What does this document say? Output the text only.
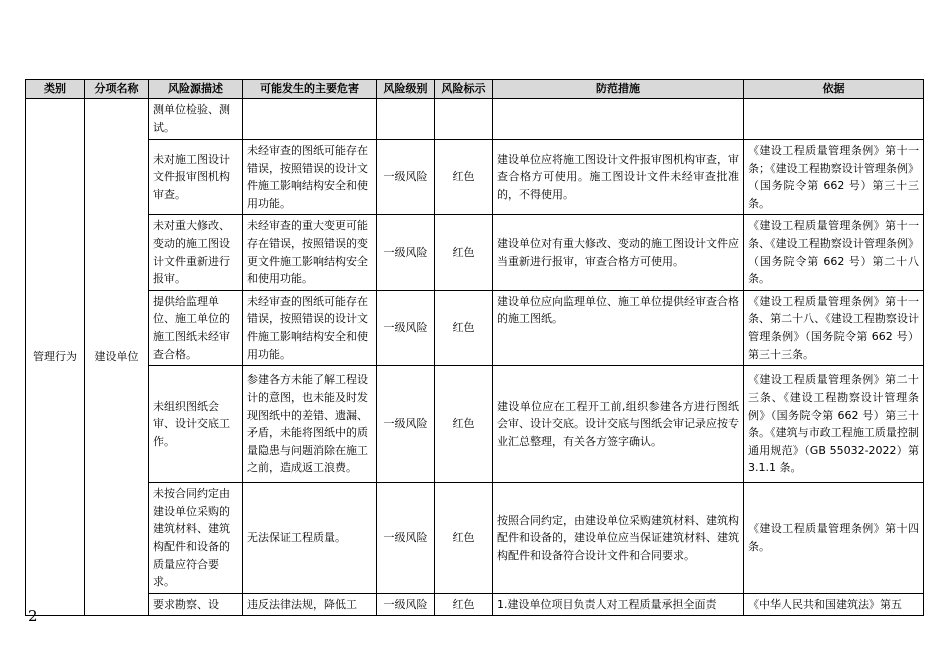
类别	分项名称	风险源描述	可能发生的主要危害	风险级别	风险标示	防范措施	依据
管理行为	建设单位	测单位检验、测试。					
		未对施工图设计文件报审图机构审查。	未经审查的图纸可能存在错误，按照错误的设计文件施工影响结构安全和使用功能。	一级风险	红色	建设单位应将施工图设计文件报审图机构审查，审查合格方可使用。施工图设计文件未经审查批准的，不得使用。	《建设工程质量管理条例》第十一条；《建设工程勘察设计管理条例》（国务院令第 662 号）第三十三条。
		未对重大修改、变动的施工图设计文件重新进行报审。	未经审查的重大变更可能存在错误，按照错误的变更文件施工影响结构安全和使用功能。	一级风险	红色	建设单位对有重大修改、变动的施工图设计文件应当重新进行报审，审查合格方可使用。	《建设工程质量管理条例》第十一条、《建设工程勘察设计管理条例》（国务院令第 662 号）第二十八条。
		提供给监理单位、施工单位的施工图纸未经审查合格。	未经审查的图纸可能存在错误，按照错误的设计文件施工影响结构安全和使用功能。	一级风险	红色	建设单位应向监理单位、施工单位提供经审查合格的施工图纸。	《建设工程质量管理条例》第十一条、第二十八、《建设工程勘察设计管理条例》（国务院令第 662 号）第三十三条。
		未组织图纸会审、设计交底工作。	参建各方未能了解工程设计的意图，也未能及时发现图纸中的差错、遗漏、矛盾，未能将图纸中的质量隐患与问题消除在施工之前，造成返工浪费。	一级风险	红色	建设单位应在工程开工前,组织参建各方进行图纸会审、设计交底。设计交底与图纸会审记录应按专业汇总整理，有关各方签字确认。	《建设工程质量管理条例》第二十三条、《建设工程勘察设计管理条例》（国务院令第 662 号）第三十条。《建筑与市政工程施工质量控制通用规范》（GB 55032-2022）第 3.1.1 条。
		未按合同约定由建设单位采购的建筑材料、建筑构配件和设备的质量应符合要求。	无法保证工程质量。	一级风险	红色	按照合同约定，由建设单位采购建筑材料、建筑构配件和设备的，建设单位应当保证建筑材料、建筑构配件和设备符合设计文件和合同要求。	《建设工程质量管理条例》第十四条。
		要求勘察、设	违反法律法规，降低工	一级风险	红色	1.建设单位项目负责人对工程质量承担全面责	《中华人民共和国建筑法》第五
2
